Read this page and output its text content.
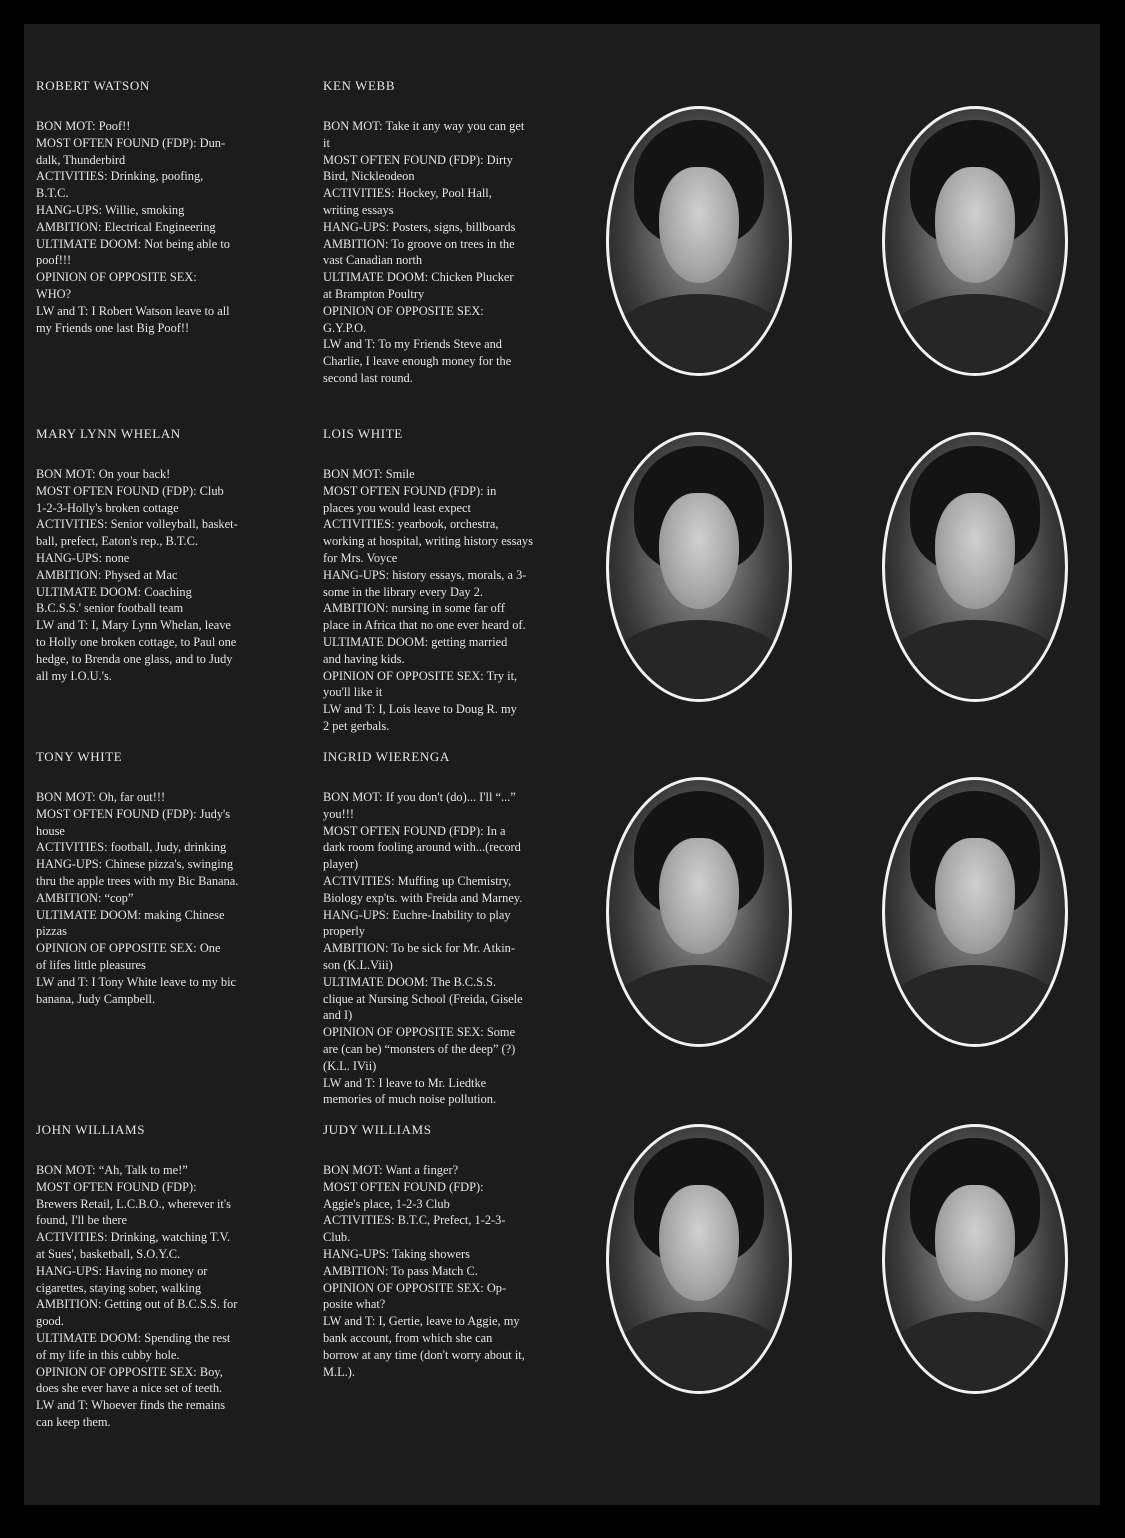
ROBERT WATSON
BON MOT: Poof!!
MOST OFTEN FOUND (FDP): Dun-
dalk, Thunderbird
ACTIVITIES: Drinking, poofing,
B.T.C.
HANG-UPS: Willie, smoking
AMBITION: Electrical Engineering
ULTIMATE DOOM: Not being able to
poof!!!
OPINION OF OPPOSITE SEX:
WHO?
LW and T: I Robert Watson leave to all
my Friends one last Big Poof!!
KEN WEBB
BON MOT: Take it any way you can get
it
MOST OFTEN FOUND (FDP): Dirty
Bird, Nickleodeon
ACTIVITIES: Hockey, Pool Hall,
writing essays
HANG-UPS: Posters, signs, billboards
AMBITION: To groove on trees in the
vast Canadian north
ULTIMATE DOOM: Chicken Plucker
at Brampton Poultry
OPINION OF OPPOSITE SEX:
G.Y.P.O.
LW and T: To my Friends Steve and
Charlie, I leave enough money for the
second last round.
MARY LYNN WHELAN
BON MOT: On your back!
MOST OFTEN FOUND (FDP): Club
1-2-3-Holly's broken cottage
ACTIVITIES: Senior volleyball, basket-
ball, prefect, Eaton's rep., B.T.C.
HANG-UPS: none
AMBITION: Physed at Mac
ULTIMATE DOOM: Coaching
B.C.S.S.' senior football team
LW and T: I, Mary Lynn Whelan, leave
to Holly one broken cottage, to Paul one
hedge, to Brenda one glass, and to Judy
all my I.O.U.'s.
LOIS WHITE
BON MOT: Smile
MOST OFTEN FOUND (FDP): in
places you would least expect
ACTIVITIES: yearbook, orchestra,
working at hospital, writing history essays
for Mrs. Voyce
HANG-UPS: history essays, morals, a 3-
some in the library every Day 2.
AMBITION: nursing in some far off
place in Africa that no one ever heard of.
ULTIMATE DOOM: getting married
and having kids.
OPINION OF OPPOSITE SEX: Try it,
you'll like it
LW and T: I, Lois leave to Doug R. my
2 pet gerbals.
TONY WHITE
BON MOT: Oh, far out!!!
MOST OFTEN FOUND (FDP): Judy's
house
ACTIVITIES: football, Judy, drinking
HANG-UPS: Chinese pizza's, swinging
thru the apple trees with my Bic Banana.
AMBITION: “cop”
ULTIMATE DOOM: making Chinese
pizzas
OPINION OF OPPOSITE SEX: One
of lifes little pleasures
LW and T: I Tony White leave to my bic
banana, Judy Campbell.
INGRID WIERENGA
BON MOT: If you don't (do)... I'll “...”
you!!!
MOST OFTEN FOUND (FDP): In a
dark room fooling around with...(record
player)
ACTIVITIES: Muffing up Chemistry,
Biology exp'ts. with Freida and Marney.
HANG-UPS: Euchre-Inability to play
properly
AMBITION: To be sick for Mr. Atkin-
son (K.L.Viii)
ULTIMATE DOOM: The B.C.S.S.
clique at Nursing School (Freida, Gisele
and I)
OPINION OF OPPOSITE SEX: Some
are (can be) “monsters of the deep” (?)
(K.L. IVii)
LW and T: I leave to Mr. Liedtke
memories of much noise pollution.
JOHN WILLIAMS
BON MOT: “Ah, Talk to me!”
MOST OFTEN FOUND (FDP):
Brewers Retail, L.C.B.O., wherever it's
found, I'll be there
ACTIVITIES: Drinking, watching T.V.
at Sues', basketball, S.O.Y.C.
HANG-UPS: Having no money or
cigarettes, staying sober, walking
AMBITION: Getting out of B.C.S.S. for
good.
ULTIMATE DOOM: Spending the rest
of my life in this cubby hole.
OPINION OF OPPOSITE SEX: Boy,
does she ever have a nice set of teeth.
LW and T: Whoever finds the remains
can keep them.
JUDY WILLIAMS
BON MOT: Want a finger?
MOST OFTEN FOUND (FDP):
Aggie's place, 1-2-3 Club
ACTIVITIES: B.T.C, Prefect, 1-2-3-
Club.
HANG-UPS: Taking showers
AMBITION: To pass Match C.
OPINION OF OPPOSITE SEX: Op-
posite what?
LW and T: I, Gertie, leave to Aggie, my
bank account, from which she can
borrow at any time (don't worry about it,
M.L.).
